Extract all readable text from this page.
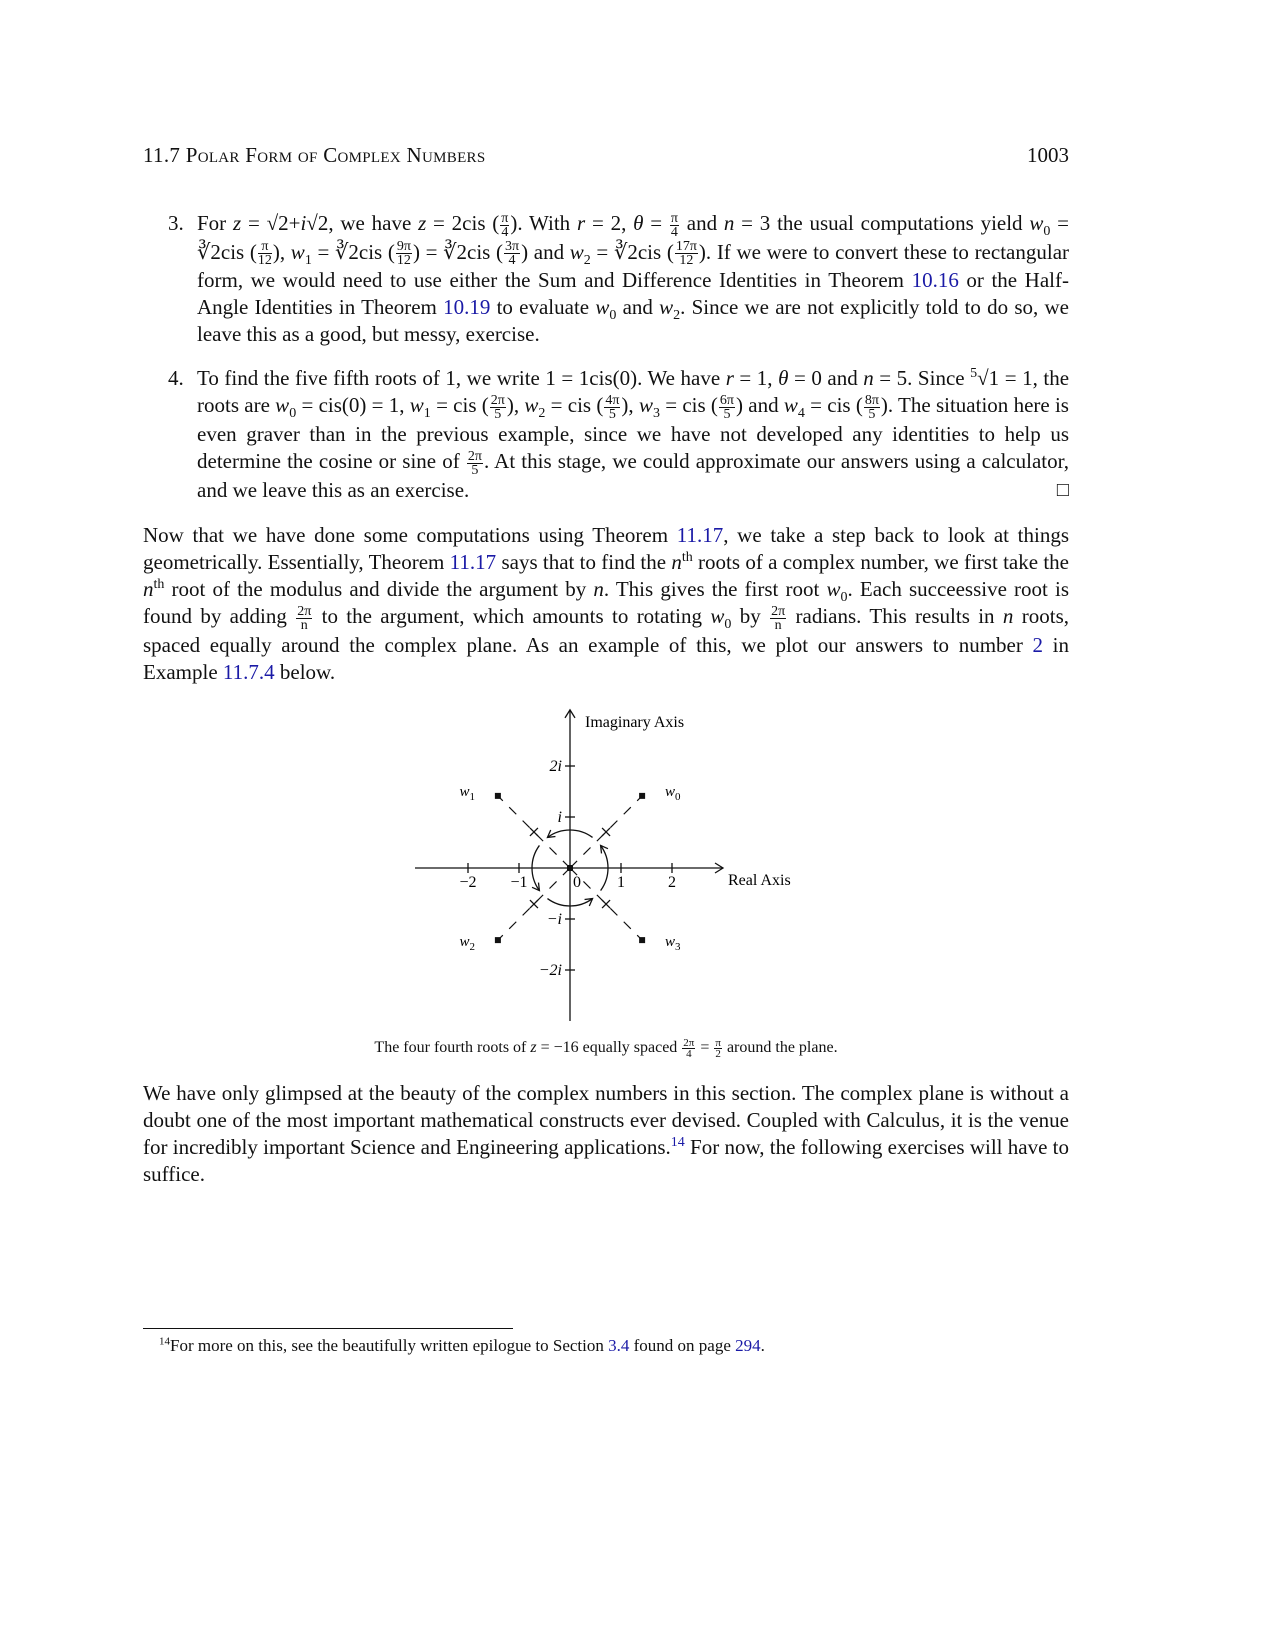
11.7 Polar Form of Complex Numbers	1003
3. For z = √2+i√2, we have z = 2cis ( $\frac{\pi}{4}$ ). With r = 2, $\theta = \frac{\pi}{4}$ and n = 3 the usual computations yield $w_0$ = ∛2cis ( $\frac{\pi}{12}$ ), $w_1$ = ∛2cis ( $\frac{9\pi}{12}$ ) = ∛2cis ( $\frac{3\pi}{4}$ ) and $w_2$ = ∛2cis ( $\frac{17\pi}{12}$ ). If we were to convert these to rectangular form, we would need to use either the Sum and Difference Identities in Theorem 10.16 or the Half-Angle Identities in Theorem 10.19 to evaluate $w_0$ and $w_2$. Since we are not explicitly told to do so, we leave this as a good, but messy, exercise.
4. To find the five fifth roots of 1, we write 1 = 1cis(0). We have r = 1, θ = 0 and n = 5. Since $^5$√1 = 1, the roots are $w_0 = cis(0) = 1$, $w_1$ = cis ( $\frac{2\pi}{5}$ ), $w_2$ = cis ( $\frac{4\pi}{5}$ ), $w_3$ = cis ( $\frac{6\pi}{5}$ ) and $w_4$ = cis ( $\frac{8\pi}{5}$ ). The situation here is even graver than in the previous example, since we have not developed any identities to help us determine the cosine or sine of $\frac{2\pi}{5}$ . At this stage, we could approximate our answers using a calculator, and we leave this as an exercise.	□
Now that we have done some computations using Theorem 11.17, we take a step back to look at things geometrically. Essentially, Theorem 11.17 says that to find the $n^{th}$ roots of a complex number, we first take the $n^{th}$ root of the modulus and divide the argument by n. This gives the first root $w_0$. Each succeessive root is found by adding $\frac{2\pi}{n}$ to the argument, which amounts to rotating $w_0$ by $\frac{2\pi}{n}$ radians. This results in n roots, spaced equally around the complex plane. As an example of this, we plot our answers to number 2 in Example 11.7.4 below.
Real Axis
Imaginary Axis
−2 −1	1	2
2i
i
−i
−2i
0
$w_0$
$w_1$
$w_2$	$w_3$
The four fourth roots of z = −16 equally spaced $\frac{2\pi}{4} = \frac{\pi}{2}$ around the plane.
We have only glimpsed at the beauty of the complex numbers in this section. The complex plane is without a doubt one of the most important mathematical constructs ever devised. Coupled with Calculus, it is the venue for incredibly important Science and Engineering applications.$^{14}$ For now, the following exercises will have to suffice.
$^{14}$For more on this, see the beautifully written epilogue to Section 3.4 found on page 294.
